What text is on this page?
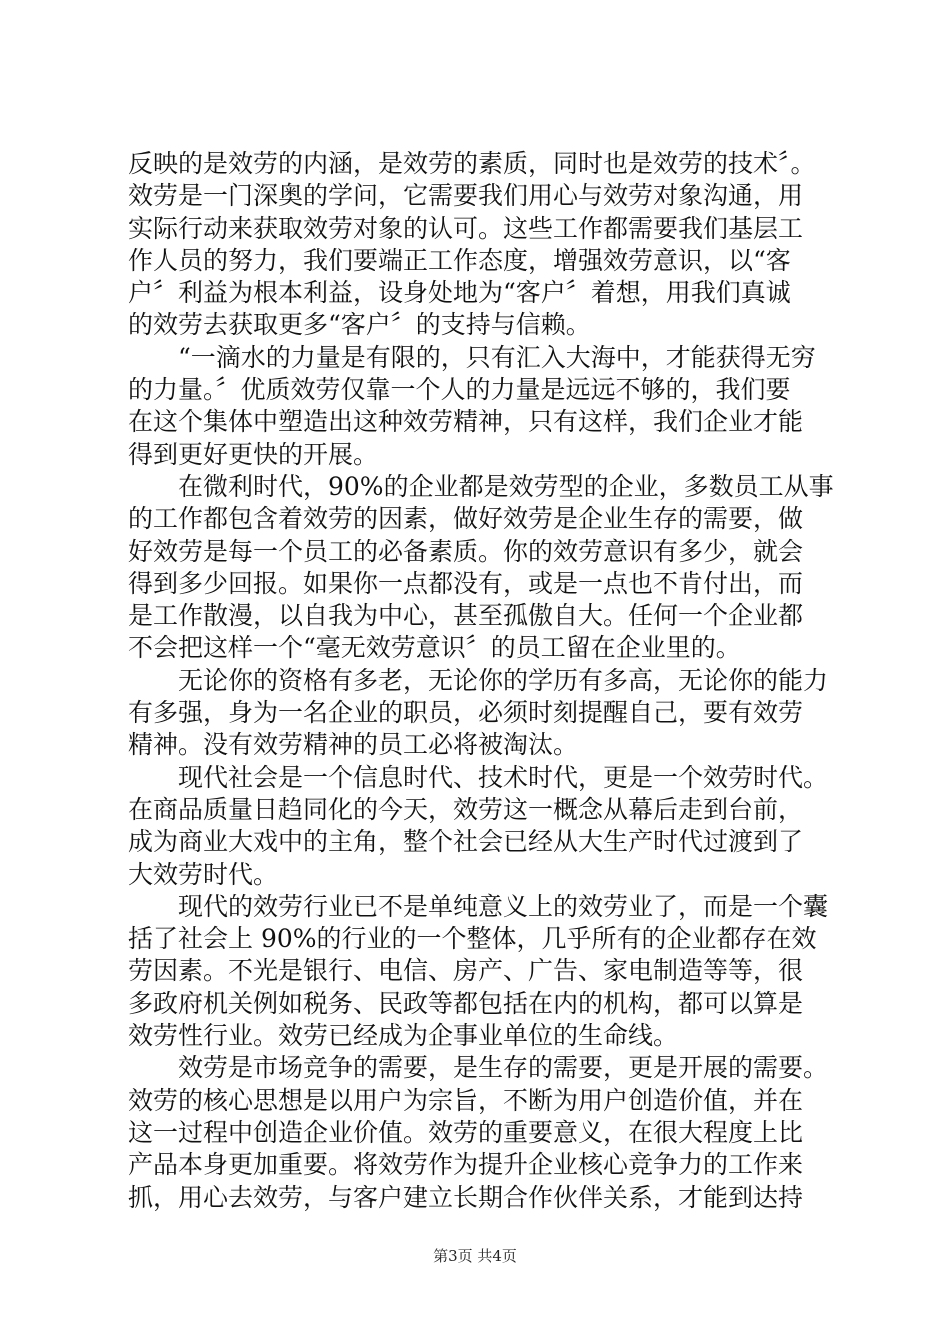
反映的是效劳的内涵，是效劳的素质，同时也是效劳的技术〞。
效劳是一门深奥的学问，它需要我们用心与效劳对象沟通，用
实际行动来获取效劳对象的认可。这些工作都需要我们基层工
作人员的努力，我们要端正工作态度，增强效劳意识，以“客
户〞利益为根本利益，设身处地为“客户〞着想，用我们真诚
的效劳去获取更多“客户〞的支持与信赖。
　　“一滴水的力量是有限的，只有汇入大海中，才能获得无穷
的力量。〞优质效劳仅靠一个人的力量是远远不够的，我们要
在这个集体中塑造出这种效劳精神，只有这样，我们企业才能
得到更好更快的开展。
　　在微利时代，90%的企业都是效劳型的企业，多数员工从事
的工作都包含着效劳的因素，做好效劳是企业生存的需要，做
好效劳是每一个员工的必备素质。你的效劳意识有多少，就会
得到多少回报。如果你一点都没有，或是一点也不肯付出，而
是工作散漫，以自我为中心，甚至孤傲自大。任何一个企业都
不会把这样一个“毫无效劳意识〞的员工留在企业里的。
　　无论你的资格有多老，无论你的学历有多高，无论你的能力
有多强，身为一名企业的职员，必须时刻提醒自己，要有效劳
精神。没有效劳精神的员工必将被淘汰。
　　现代社会是一个信息时代、技术时代，更是一个效劳时代。
在商品质量日趋同化的今天，效劳这一概念从幕后走到台前，
成为商业大戏中的主角，整个社会已经从大生产时代过渡到了
大效劳时代。
　　现代的效劳行业已不是单纯意义上的效劳业了，而是一个囊
括了社会上 90%的行业的一个整体，几乎所有的企业都存在效
劳因素。不光是银行、电信、房产、广告、家电制造等等，很
多政府机关例如税务、民政等都包括在内的机构，都可以算是
效劳性行业。效劳已经成为企事业单位的生命线。
　　效劳是市场竞争的需要，是生存的需要，更是开展的需要。
效劳的核心思想是以用户为宗旨，不断为用户创造价值，并在
这一过程中创造企业价值。效劳的重要意义，在很大程度上比
产品本身更加重要。将效劳作为提升企业核心竞争力的工作来
抓，用心去效劳，与客户建立长期合作伙伴关系，才能到达持
第3页 共4页
